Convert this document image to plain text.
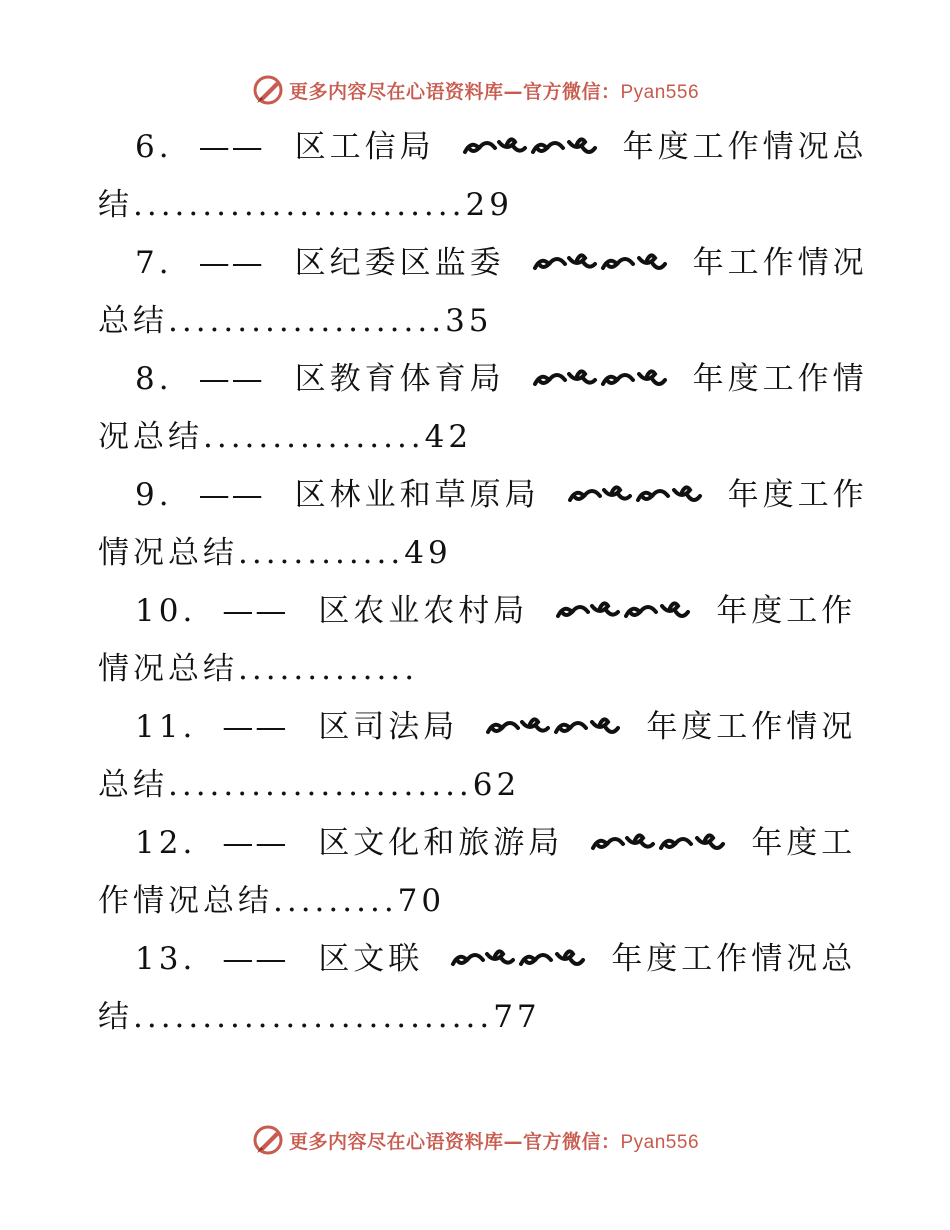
更多内容尽在心语资料库—官方微信：Pyan556
6. —— 区工信局	年度工作情况总
结........................29
7. —— 区纪委区监委	年工作情况
总结....................35
8. —— 区教育体育局	年度工作情
况总结................42
9. —— 区林业和草原局	年度工作
情况总结............49
10. —— 区农业农村局	年度工作
情况总结.............
11. —— 区司法局	年度工作情况
总结......................62
12. —— 区文化和旅游局	年度工
作情况总结.........70
13. —— 区文联	年度工作情况总
结..........................77
更多内容尽在心语资料库—官方微信：Pyan556
